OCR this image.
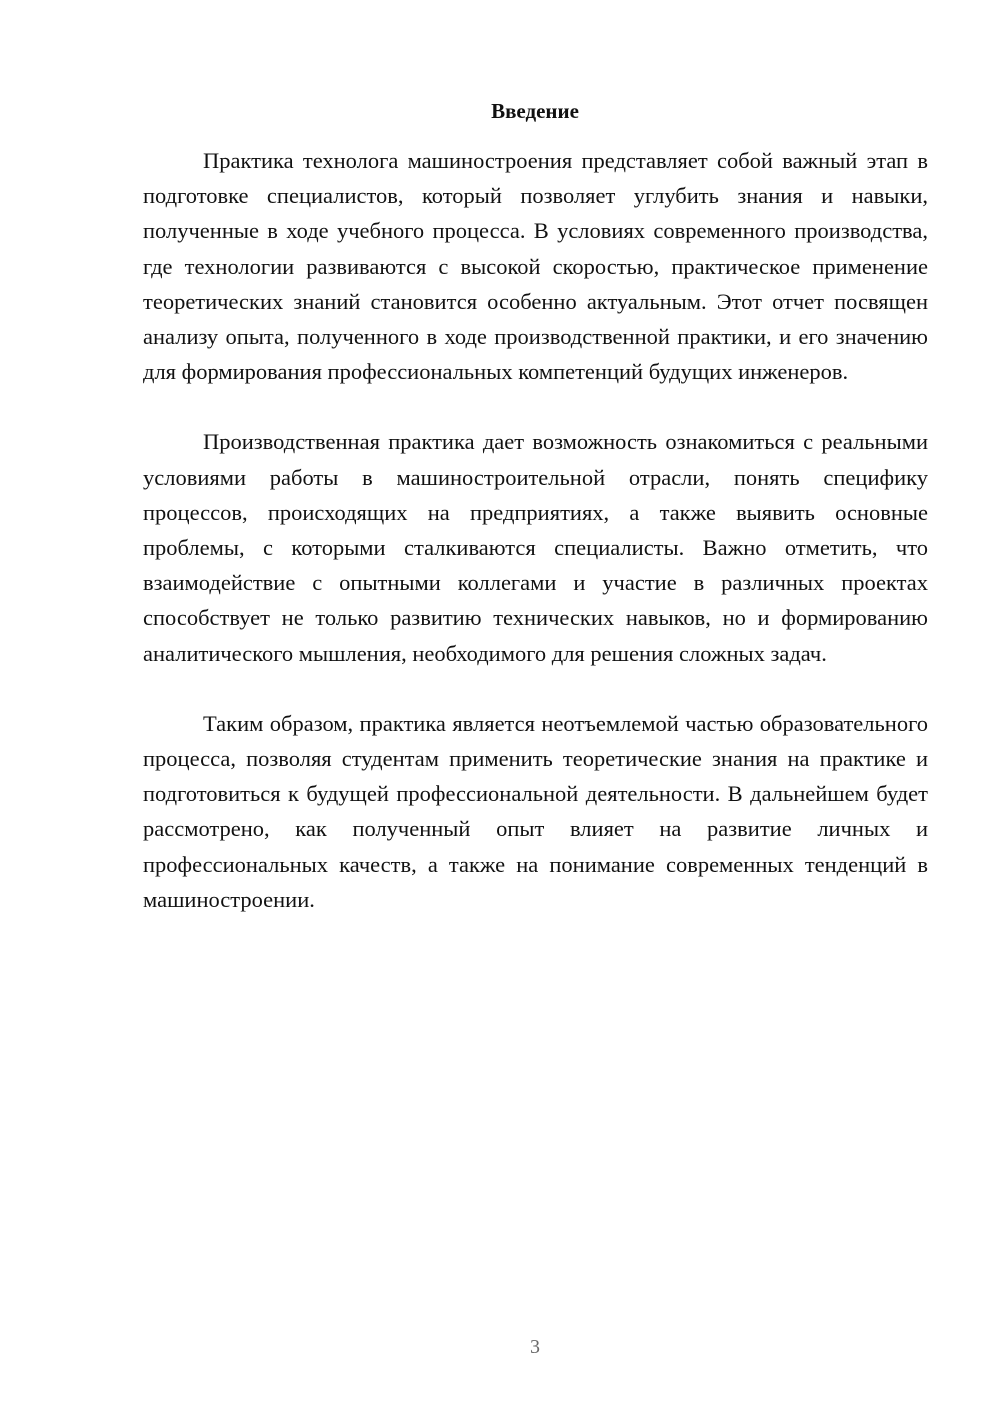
Введение

Практика технолога машиностроения представляет собой важный этап в подготовке специалистов, который позволяет углубить знания и навыки, полученные в ходе учебного процесса. В условиях современного производства, где технологии развиваются с высокой скоростью, практическое применение теоретических знаний становится особенно актуальным. Этот отчет посвящен анализу опыта, полученного в ходе производственной практики, и его значению для формирования профессиональных компетенций будущих инженеров.

Производственная практика дает возможность ознакомиться с реальными условиями работы в машиностроительной отрасли, понять специфику процессов, происходящих на предприятиях, а также выявить основные проблемы, с которыми сталкиваются специалисты. Важно отметить, что взаимодействие с опытными коллегами и участие в различных проектах способствует не только развитию технических навыков, но и формированию аналитического мышления, необходимого для решения сложных задач.

Таким образом, практика является неотъемлемой частью образовательного процесса, позволяя студентам применить теоретические знания на практике и подготовиться к будущей профессиональной деятельности. В дальнейшем будет рассмотрено, как полученный опыт влияет на развитие личных и профессиональных качеств, а также на понимание современных тенденций в машиностроении.

3
